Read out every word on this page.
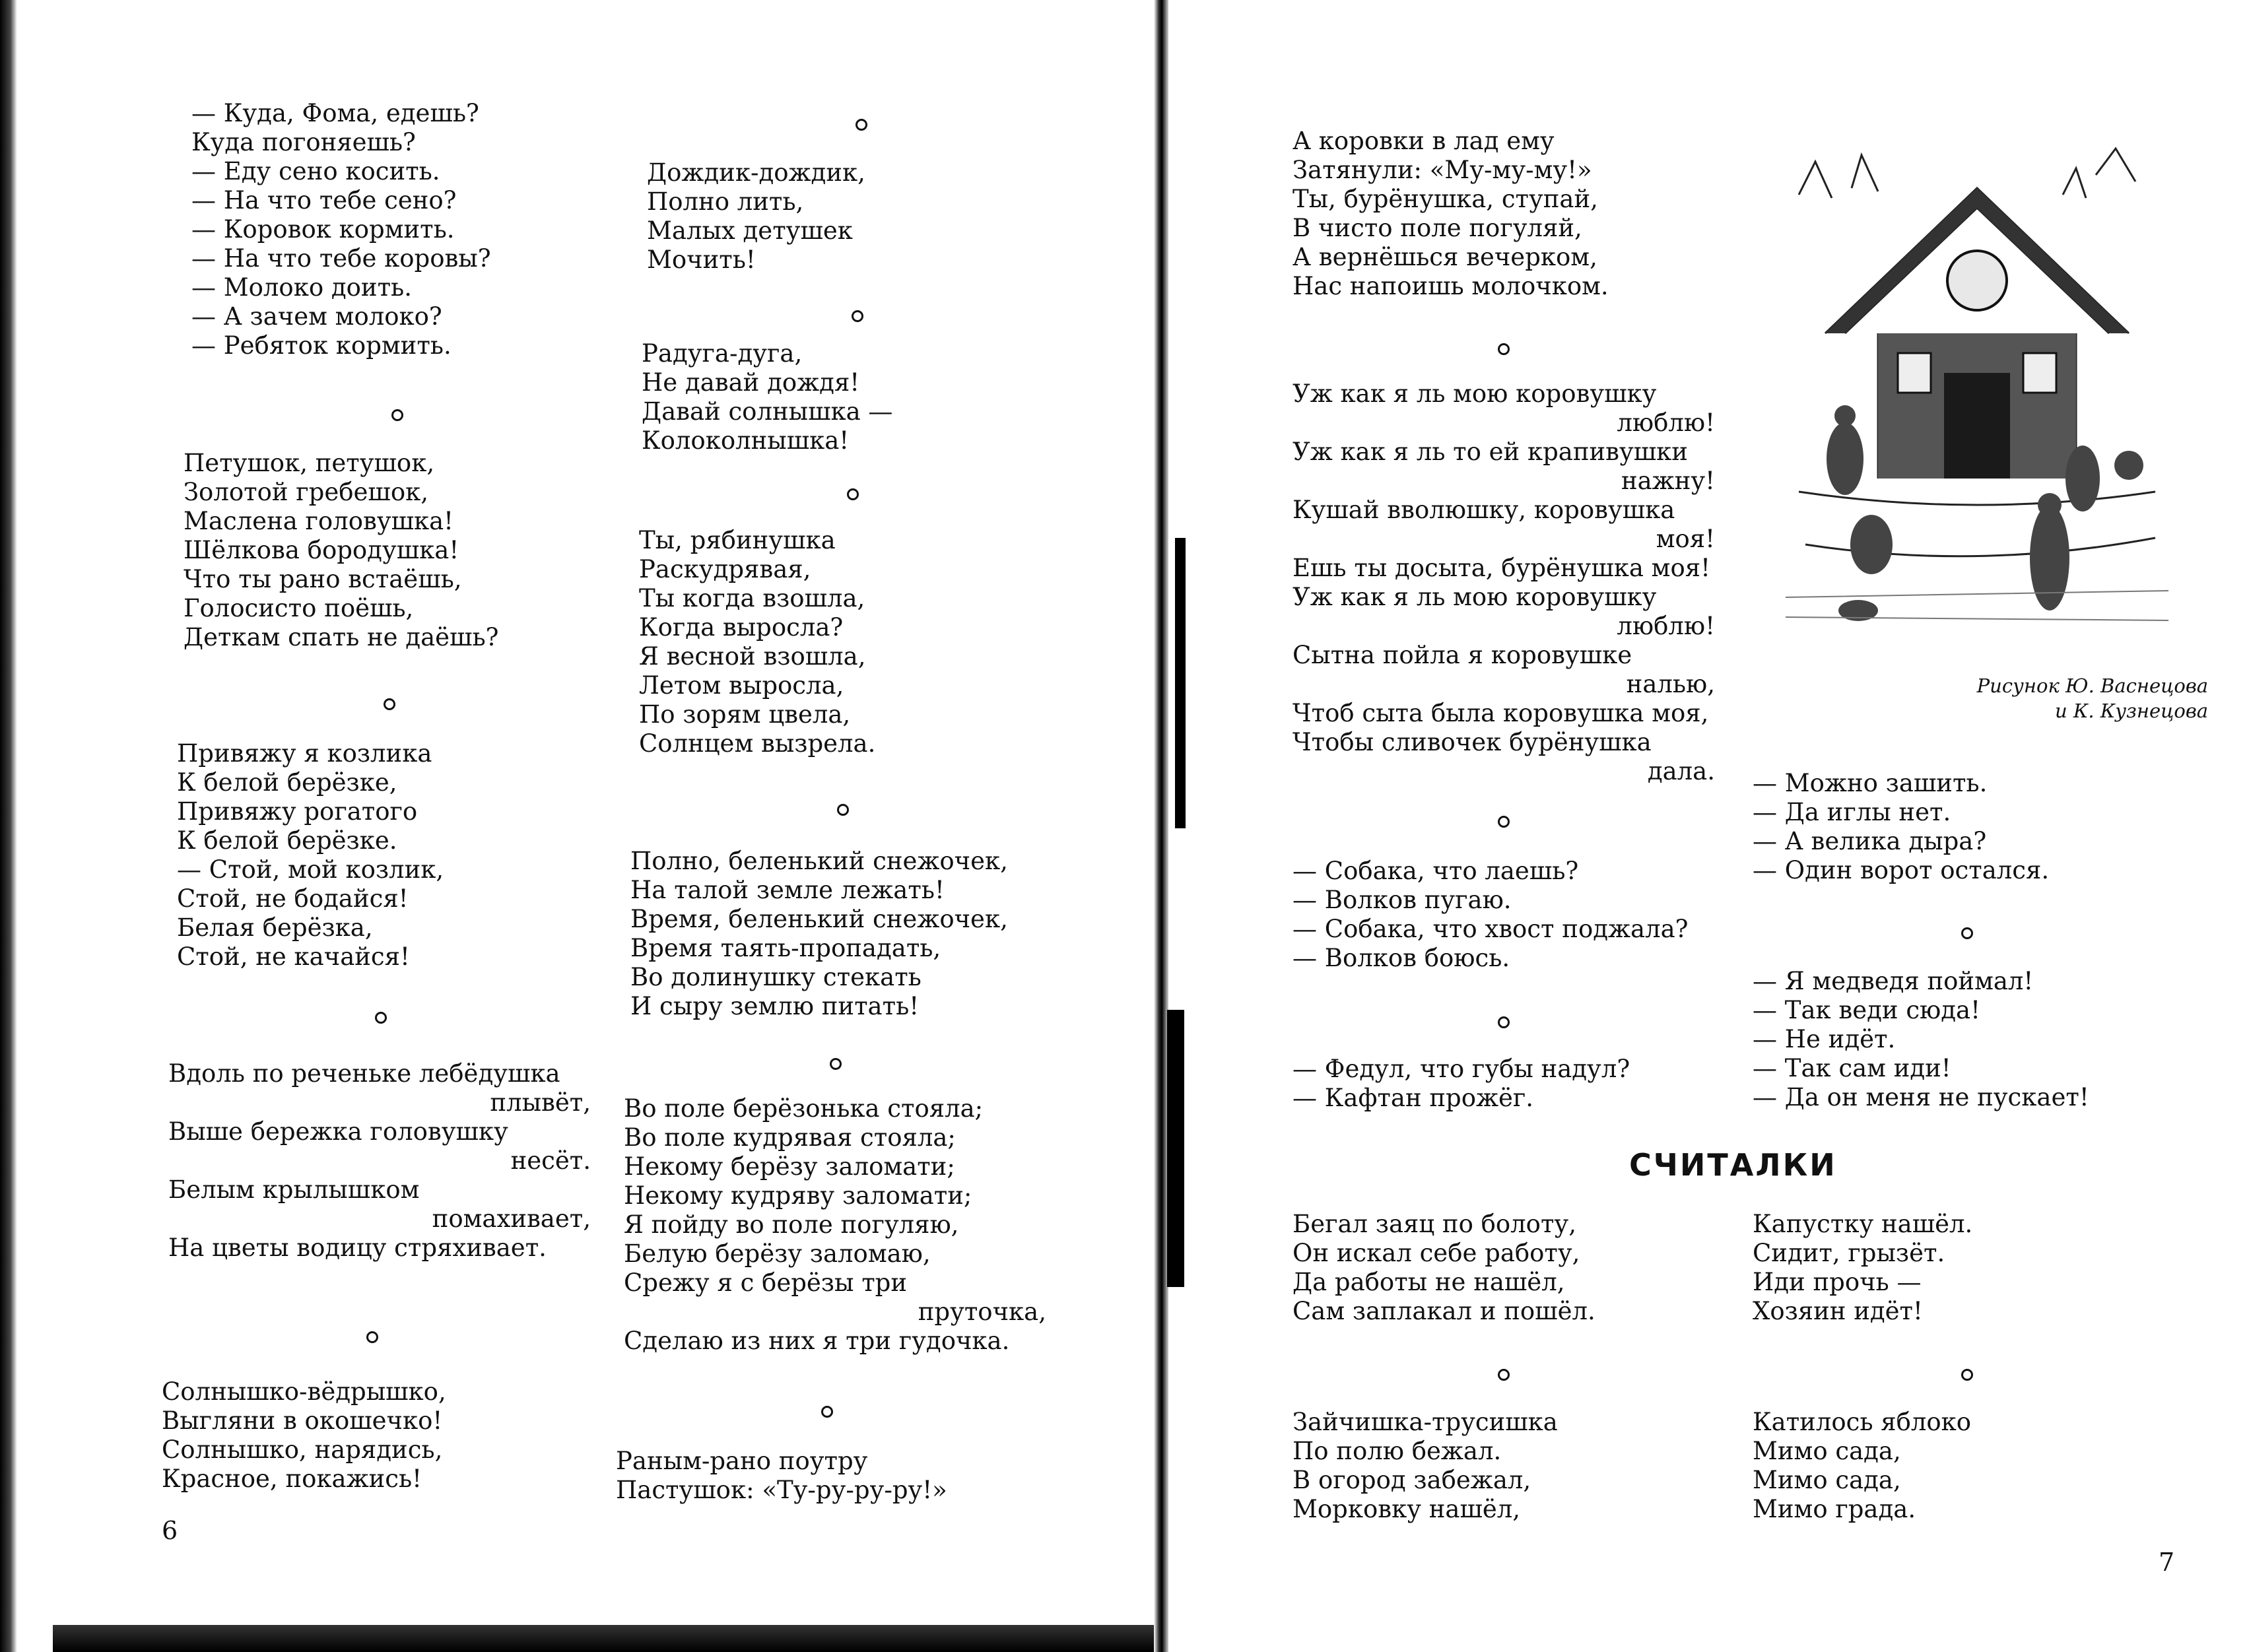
— Куда, Фома, едешь?
Куда погоняешь?
— Еду сено косить.
— На что тебе сено?
— Коровок кормить.
— На что тебе коровы?
— Молоко доить.
— А зачем молоко?
— Ребяток кормить.
Петушок, петушок,
Золотой гребешок,
Маслена головушка!
Шёлкова бородушка!
Что ты рано встаёшь,
Голосисто поёшь,
Деткам спать не даёшь?
Привяжу я козлика
К белой берёзке,
Привяжу рогатого
К белой берёзке.
— Стой, мой козлик,
Стой, не бодайся!
Белая берёзка,
Стой, не качайся!
Вдоль по реченьке лебёдушка
плывёт,
Выше бережка головушку
несёт.
Белым крылышком
помахивает,
На цветы водицу стряхивает.
Солнышко-вёдрышко,
Выгляни в окошечко!
Солнышко, нарядись,
Красное, покажись!
6
Дождик-дождик,
Полно лить,
Малых детушек
Мочить!
Радуга-дуга,
Не давай дождя!
Давай солнышка —
Колоколнышка!
Ты, рябинушка
Раскудрявая,
Ты когда взошла,
Когда выросла?
Я весной взошла,
Летом выросла,
По зорям цвела,
Солнцем вызрела.
Полно, беленький снежочек,
На талой земле лежать!
Время, беленький снежочек,
Время таять-пропадать,
Во долинушку стекать
И сыру землю питать!
Во поле берёзонька стояла;
Во поле кудрявая стояла;
Некому берёзу заломати;
Некому кудряву заломати;
Я пойду во поле погуляю,
Белую берёзу заломаю,
Срежу я с берёзы три
пруточка,
Сделаю из них я три гудочка.
Раным-рано поутру
Пастушок: «Ту-ру-ру-ру!»
А коровки в лад ему
Затянули: «Му-му-му!»
Ты, бурёнушка, ступай,
В чисто поле погуляй,
А вернёшься вечерком,
Нас напоишь молочком.
Уж как я ль мою коровушку
люблю!
Уж как я ль то ей крапивушки
нажну!
Кушай вволюшку, коровушка
моя!
Ешь ты досыта, бурёнушка моя!
Уж как я ль мою коровушку
люблю!
Сытна пойла я коровушке
налью,
Чтоб сыта была коровушка моя,
Чтобы сливочек бурёнушка
дала.
— Собака, что лаешь?
— Волков пугаю.
— Собака, что хвост поджала?
— Волков боюсь.
— Федул, что губы надул?
— Кафтан прожёг.
Рисунок Ю. Васнецова
и К. Кузнецова
— Можно зашить.
— Да иглы нет.
— А велика дыра?
— Один ворот остался.
— Я медведя поймал!
— Так веди сюда!
— Не идёт.
— Так сам иди!
— Да он меня не пускает!
СЧИТАЛКИ
Бегал заяц по болоту,
Он искал себе работу,
Да работы не нашёл,
Сам заплакал и пошёл.
Капустку нашёл.
Сидит, грызёт.
Иди прочь —
Хозяин идёт!
Зайчишка-трусишка
По полю бежал.
В огород забежал,
Морковку нашёл,
Катилось яблоко
Мимо сада,
Мимо сада,
Мимо града.
7
